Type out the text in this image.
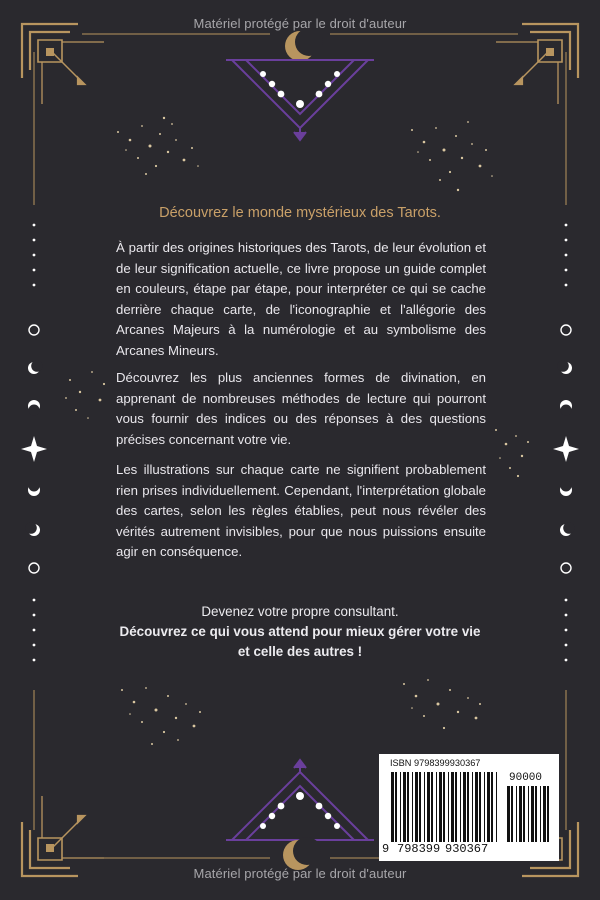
Matériel protégé par le droit d'auteur
Découvrez le monde mystérieux des Tarots.
À partir des origines historiques des Tarots, de leur évolution et de leur signification actuelle, ce livre propose un guide complet en couleurs, étape par étape, pour interpréter ce qui se cache derrière chaque carte, de l'iconographie et l'allégorie des Arcanes Majeurs à la numérologie et au symbolisme des Arcanes Mineurs.
Découvrez les plus anciennes formes de divination, en apprenant de nombreuses méthodes de lecture qui pourront vous fournir des indices ou des réponses à des questions précises concernant votre vie.
Les illustrations sur chaque carte ne signifient probablement rien prises individuellement. Cependant, l'interprétation globale des cartes, selon les règles établies, peut nous révéler des vérités autrement invisibles, pour que nous puissions ensuite agir en conséquence.
Devenez votre propre consultant.
Découvrez ce qui vous attend pour mieux gérer votre vie
et celle des autres !
ISBN 9798399930367
90000
9 798399 930367
Matériel protégé par le droit d'auteur
